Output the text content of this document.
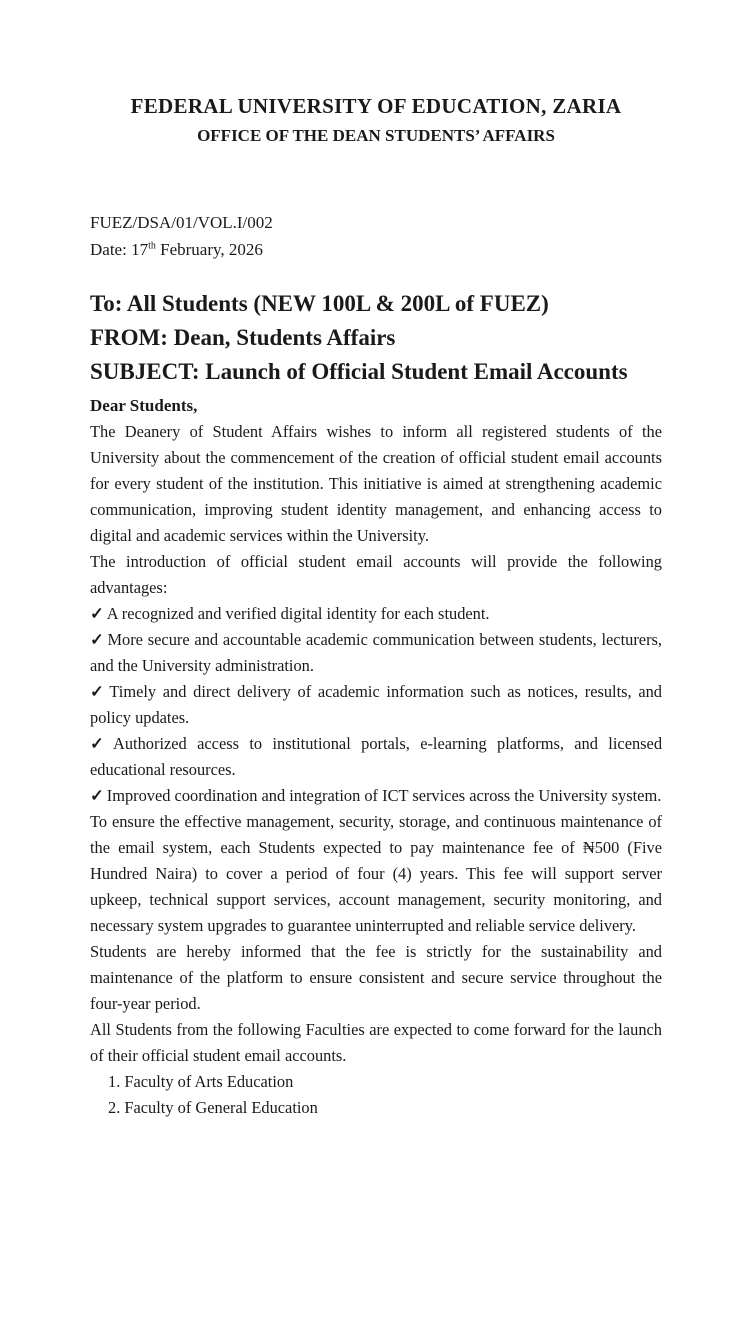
FEDERAL UNIVERSITY OF EDUCATION, ZARIA
OFFICE OF THE DEAN STUDENTS’ AFFAIRS
FUEZ/DSA/01/VOL.I/002
Date: 17th February, 2026
To: All Students (NEW 100L & 200L of FUEZ)
FROM: Dean, Students Affairs
SUBJECT: Launch of Official Student Email Accounts
Dear Students,

The Deanery of Student Affairs wishes to inform all registered students of the University about the commencement of the creation of official student email accounts for every student of the institution. This initiative is aimed at strengthening academic communication, improving student identity management, and enhancing access to digital and academic services within the University.

The introduction of official student email accounts will provide the following advantages:

✓ A recognized and verified digital identity for each student.

✓ More secure and accountable academic communication between students, lecturers, and the University administration.

✓ Timely and direct delivery of academic information such as notices, results, and policy updates.

✓ Authorized access to institutional portals, e-learning platforms, and licensed educational resources.

✓ Improved coordination and integration of ICT services across the University system.

To ensure the effective management, security, storage, and continuous maintenance of the email system, each Students expected to pay maintenance fee of ₦500 (Five Hundred Naira) to cover a period of four (4) years. This fee will support server upkeep, technical support services, account management, security monitoring, and necessary system upgrades to guarantee uninterrupted and reliable service delivery.

Students are hereby informed that the fee is strictly for the sustainability and maintenance of the platform to ensure consistent and secure service throughout the four-year period.

All Students from the following Faculties are expected to come forward for the launch of their official student email accounts.

1. Faculty of Arts Education
2. Faculty of General Education
